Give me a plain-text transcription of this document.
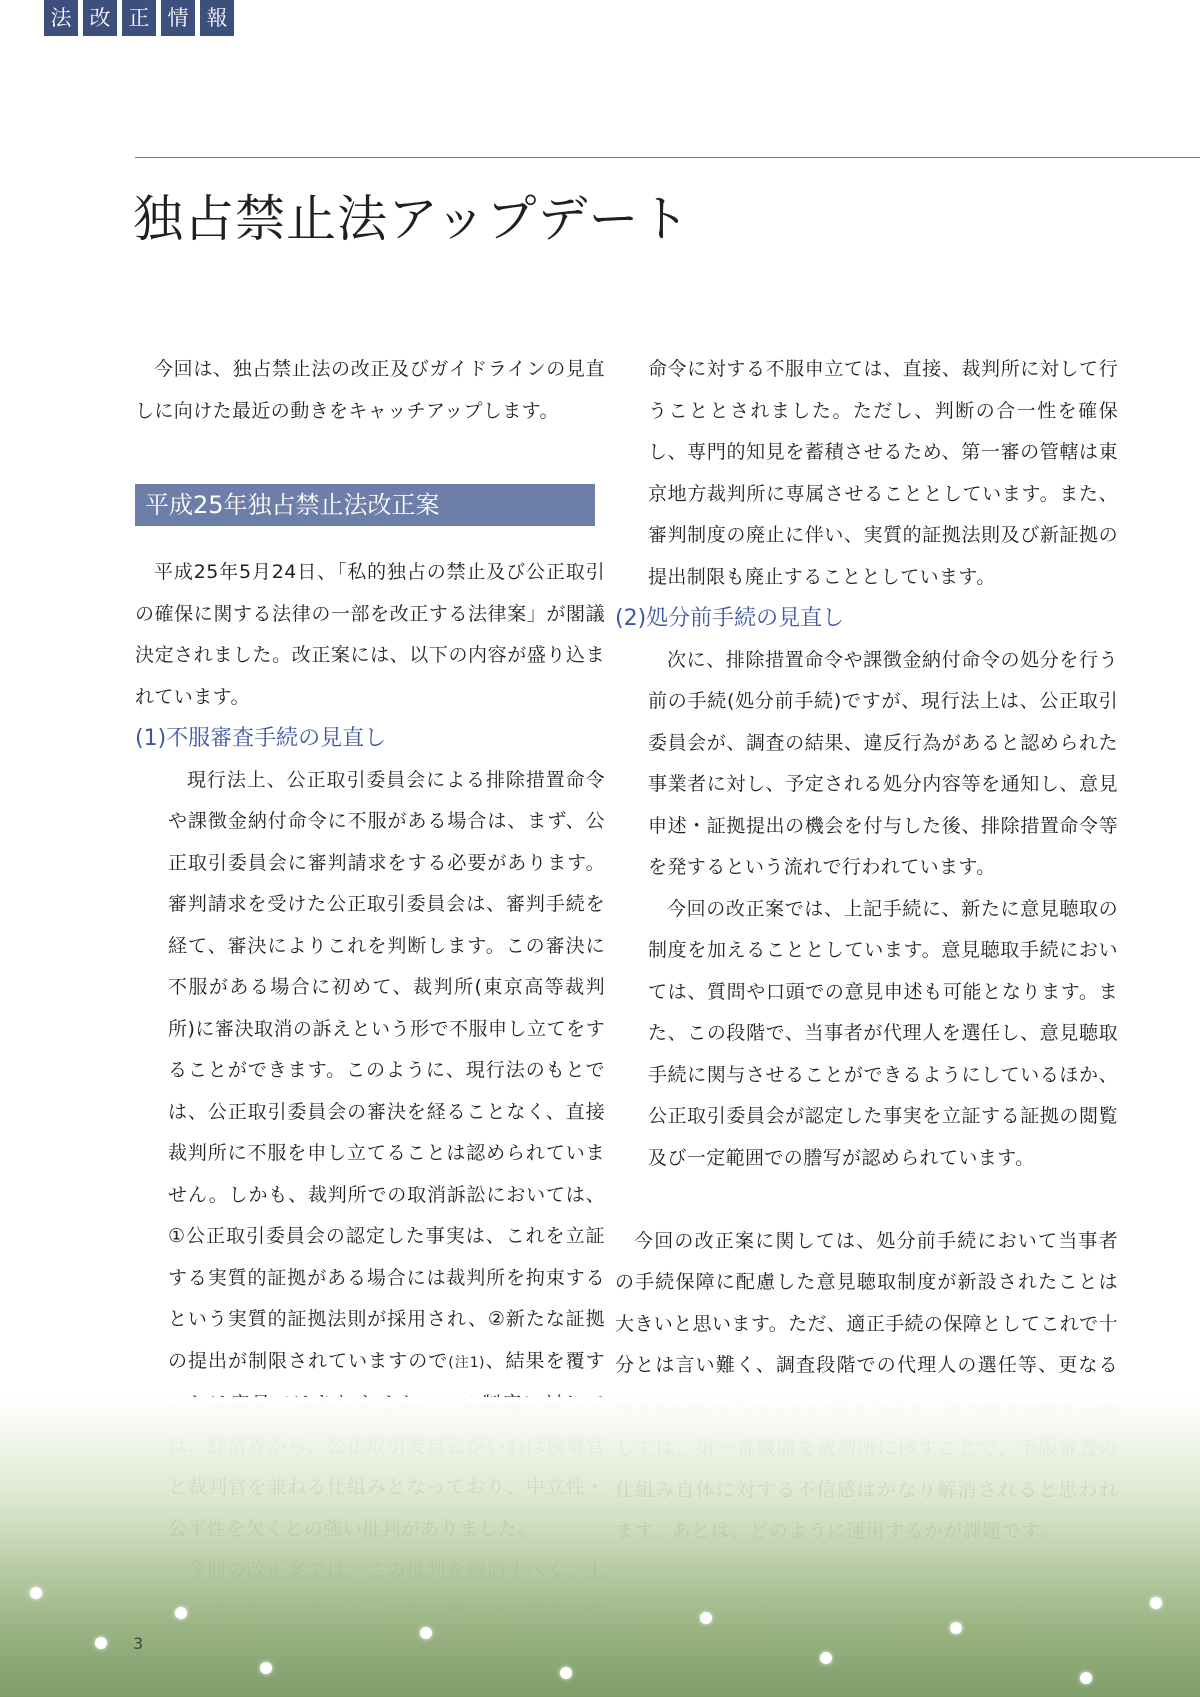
法 改 正 情 報
独占禁止法アップデート

今回は、独占禁止法の改正及びガイドラインの見直しに向けた最近の動きをキャッチアップします。

平成25年独占禁止法改正案

平成25年5月24日、「私的独占の禁止及び公正取引の確保に関する法律の一部を改正する法律案」が閣議決定されました。改正案には、以下の内容が盛り込まれています。

(1)不服審査手続の見直し

現行法上、公正取引委員会による排除措置命令や課徴金納付命令に不服がある場合は、まず、公正取引委員会に審判請求をする必要があります。審判請求を受けた公正取引委員会は、審判手続を経て、審決によりこれを判断します。この審決に不服がある場合に初めて、裁判所(東京高等裁判所)に審決取消の訴えという形で不服申し立てをすることができます。このように、現行法のもとでは、公正取引委員会の審決を経ることなく、直接裁判所に不服を申し立てることは認められていません。しかも、裁判所での取消訴訟においては、①公正取引委員会の認定した事実は、これを立証する実質的証拠がある場合には裁判所を拘束するという実質的証拠法則が採用され、②新たな証拠の提出が制限されていますので(注1)、結果を覆す

命令に対する不服申立ては、直接、裁判所に対して行うこととされました。ただし、判断の合一性を確保し、専門的知見を蓄積させるため、第一審の管轄は東京地方裁判所に専属させることとしています。また、審判制度の廃止に伴い、実質的証拠法則及び新証拠の提出制限も廃止することとしています。

(2)処分前手続の見直し

次に、排除措置命令や課徴金納付命令の処分を行う前の手続(処分前手続)ですが、現行法上は、公正取引委員会が、調査の結果、違反行為があると認められた事業者に対し、予定される処分内容等を通知し、意見申述・証拠提出の機会を付与した後、排除措置命令等を発するという流れで行われています。

今回の改正案では、上記手続に、新たに意見聴取の制度を加えることとしています。意見聴取手続においては、質問や口頭での意見申述も可能となります。また、この段階で、当事者が代理人を選任し、意見聴取手続に関与させることができるようにしているほか、公正取引委員会が認定した事実を立証する証拠の閲覧及び一定範囲での謄写が認められています。

今回の改正案に関しては、処分前手続において当事者の手続保障に配慮した意見聴取制度が新設されたことは大きいと思います。ただ、適正手続の保障としてこれで十分とは言い難く、調査段階での代理人の選任等、更なる

3
